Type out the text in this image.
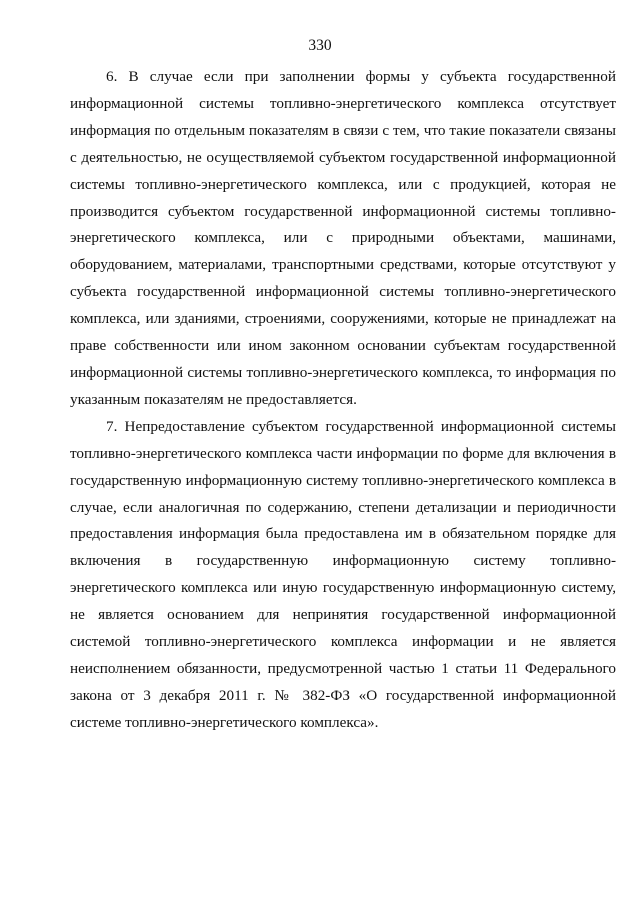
330

6. В случае если при заполнении формы у субъекта государственной информационной системы топливно-энергетического комплекса отсутствует информация по отдельным показателям в связи с тем, что такие показатели связаны с деятельностью, не осуществляемой субъектом государственной информационной системы топливно-энергетического комплекса, или с продукцией, которая не производится субъектом государственной информационной системы топливно-энергетического комплекса, или с природными объектами, машинами, оборудованием, материалами, транспортными средствами, которые отсутствуют у субъекта государственной информационной системы топливно-энергетического комплекса, или зданиями, строениями, сооружениями, которые не принадлежат на праве собственности или ином законном основании субъектам государственной информационной системы топливно-энергетического комплекса, то информация по указанным показателям не предоставляется.

7. Непредоставление субъектом государственной информационной системы топливно-энергетического комплекса части информации по форме для включения в государственную информационную систему топливно-энергетического комплекса в случае, если аналогичная по содержанию, степени детализации и периодичности предоставления информация была предоставлена им в обязательном порядке для включения в государственную информационную систему топливно-энергетического комплекса или иную государственную информационную систему, не является основанием для непринятия государственной информационной системой топливно-энергетического комплекса информации и не является неисполнением обязанности, предусмотренной частью 1 статьи 11 Федерального закона от 3 декабря 2011 г. № 382-ФЗ «О государственной информационной системе топливно-энергетического комплекса».
